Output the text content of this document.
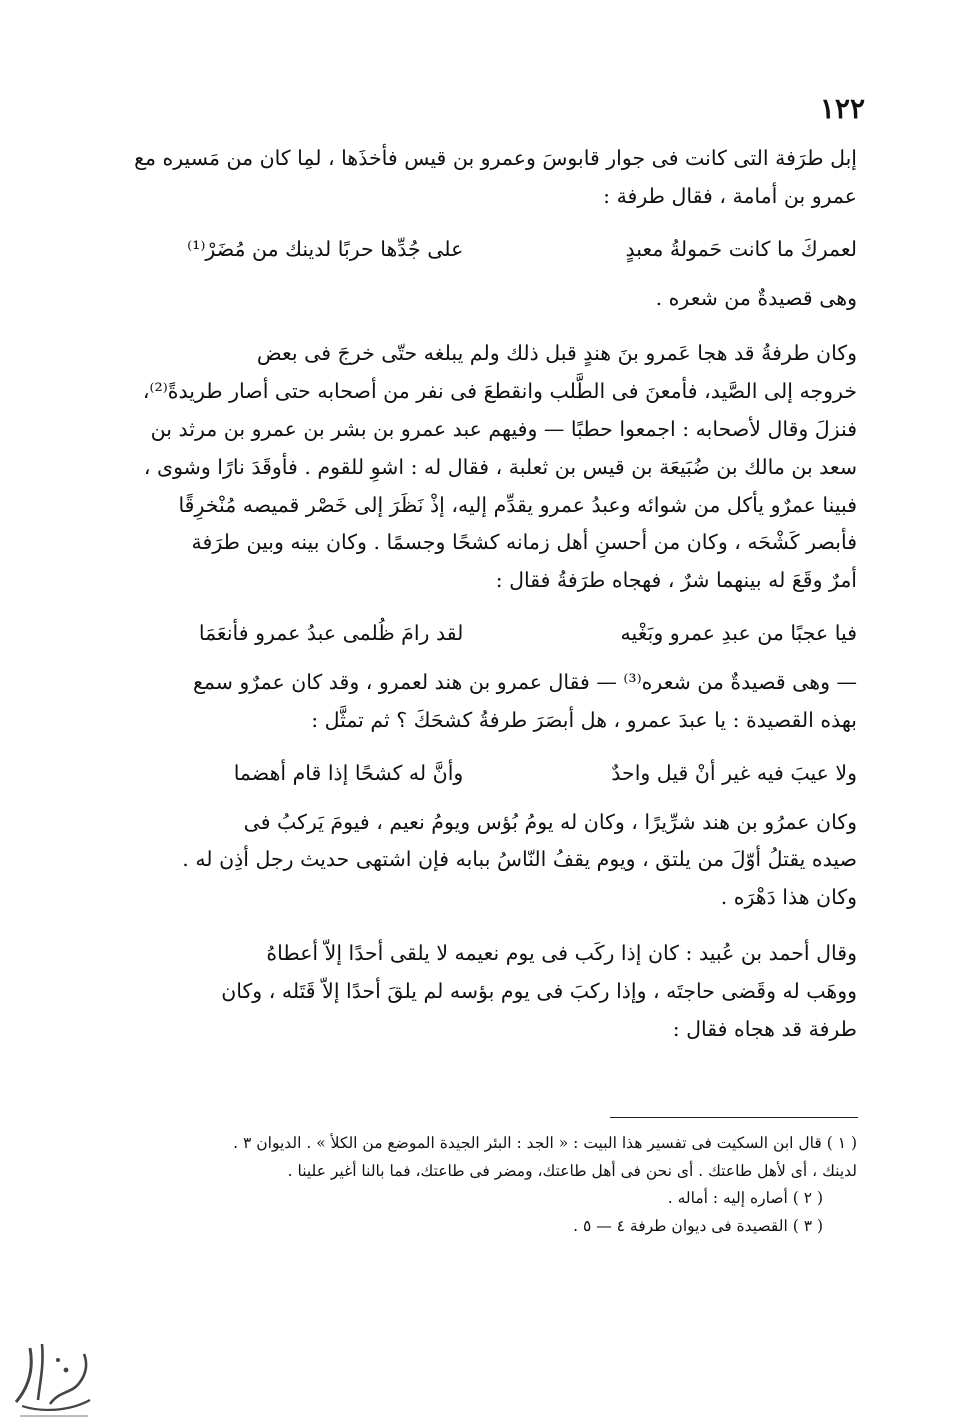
١٢٢

إبل طرَفة التى كانت فى جوار قابوسَ وعمرو بن قيس فأخذَها ، لمِا كان من مَسيره مع

عمرو بن أمامة ، فقال طرفة :

لعمركَ ما كانت حَمولةُ معبدٍ
على جُدِّها حربًا لدينك من مُضَرْ⁽¹⁾

وهى قصيدةٌ من شعره .

وكان طرفةُ قد هجا عَمرو بنَ هندٍ قبل ذلك ولم يبلغه حتّى خرجَ فى بعض

خروجه إلى الصَّيد، فأمعنَ فى الطَّلب وانقطعَ فى نفر من أصحابه حتى أصار طريدةً⁽²⁾،

فنزلَ وقال لأصحابه : اجمعوا حطبًا — وفيهم عبد عمرو بن بشر بن عمرو بن مرثد بن

سعد بن مالك بن ضُبَيعَة بن قيس بن ثعلبة ، فقال له : اشوِ للقوم . فأوقَدَ نارًا وشوى ،

فبينا عمرٌو يأكل من شوائه وعبدُ عمرو يقدِّم إليه، إذْ نَظَرَ إلى خَصْر قميصه مُنْخرِقًا

فأبصر كَشْحَه ، وكان من أحسنِ أهل زمانه كشحًا وجسمًا . وكان بينه وبين طرَفة

أمرٌ وقَعَ له بينهما شرٌ ، فهجاه طرَفةُ فقال :

فيا عجبًا من عبدِ عمرو وبَغْيه
لقد رامَ ظُلمى عبدُ عمرو فأنعَمَا

— وهى قصيدةٌ من شعره⁽³⁾ — فقال عمرو بن هند لعمرو ، وقد كان عمرٌو سمع

بهذه القصيدة : يا عبدَ عمرو ، هل أبصَرَ طرفةُ كشحَكَ ؟ ثم تمثَّل :

ولا عيبَ فيه غير أنْ قيل واحدٌ
وأنَّ له كشحًا إذا قام أهضما

وكان عمرُو بن هند شرِّيرًا ، وكان له يومُ بُؤس ويومُ نعيم ، فيومَ يَركبُ فى

صيده يقتلُ أوّلَ من يلتق ، ويوم يقفُ النّاسُ ببابه فإن اشتهى حديث رجل أذِن له .

وكان هذا دَهْرَه .

وقال أحمد بن عُبيد : كان إذا ركَب فى يوم نعيمه لا يلقى أحدًا إلاّ أعطاهُ

ووهَب له وقَضى حاجتَه ، وإذا ركبَ فى يوم بؤسه لم يلقَ أحدًا إلاّ قَتَله ، وكان

طرفة قد هجاه فقال :

( ١ ) قال ابن السكيت فى تفسير هذا البيت : « الجد : البئر الجيدة الموضع من الكلأ » . الديوان ٣ .

لدينك ، أى لأهل طاعتك . أى نحن فى أهل طاعتك، ومضر فى طاعتك، فما بالنا أغير علينا .

( ٢ ) أصاره إليه : أماله .

( ٣ ) القصيدة فى ديوان طرفة ٤ — ٥ .
